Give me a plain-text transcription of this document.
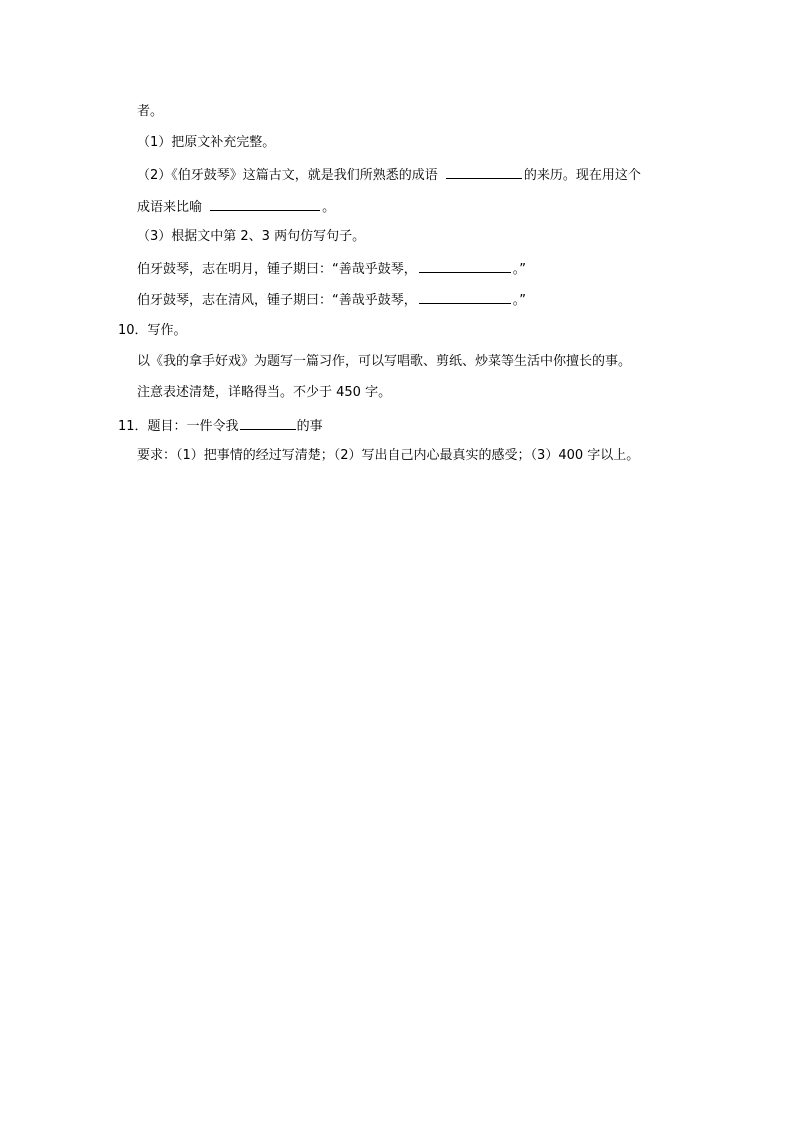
者。
（1）把原文补充完整。
（2）《伯牙鼓琴》这篇古文，就是我们所熟悉的成语	的来历。现在用这个
成语来比喻	。
（3）根据文中第 2、3 两句仿写句子。
伯牙鼓琴，志在明月，锺子期曰：“善哉乎鼓琴，	。”
伯牙鼓琴，志在清风，锺子期曰：“善哉乎鼓琴，	。”
10．写作。
以《我的拿手好戏》为题写一篇习作，可以写唱歌、剪纸、炒菜等生活中你擅长的事。
注意表述清楚，详略得当。不少于 450 字。
11．题目：一件令我	的事
要求：（1）把事情的经过写清楚；（2）写出自己内心最真实的感受；（3）400 字以上。
